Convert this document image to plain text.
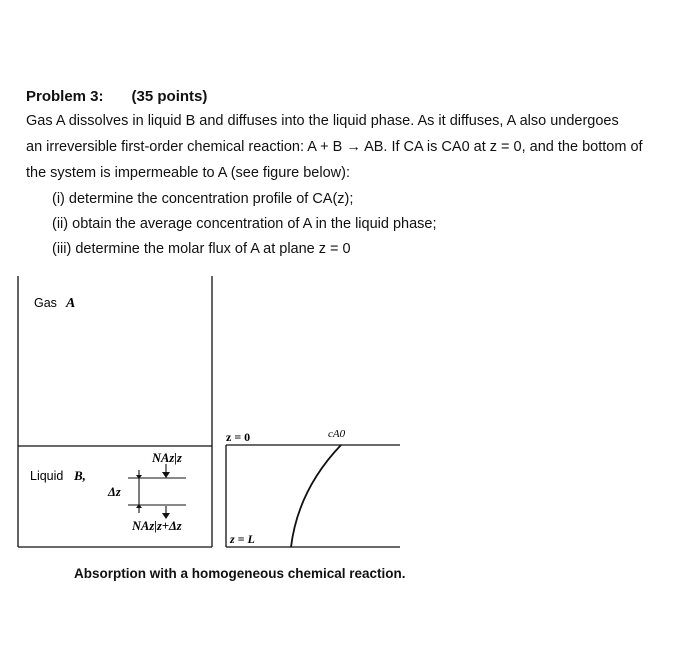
Problem 3: (35 points)
Gas A dissolves in liquid B and diffuses into the liquid phase. As it diffuses, A also undergoes
an irreversible first-order chemical reaction: A + B → AB. If CA is CA0 at z = 0, and the bottom of
the system is impermeable to A (see figure below):
(i) determine the concentration profile of CA(z);
(ii) obtain the average concentration of A in the liquid phase;
(iii) determine the molar flux of A at plane z = 0
Gas A
Liquid B,
Δz
NAz|z
NAz|z+Δz
z = 0
z = L
cA0
Absorption with a homogeneous chemical reaction.
